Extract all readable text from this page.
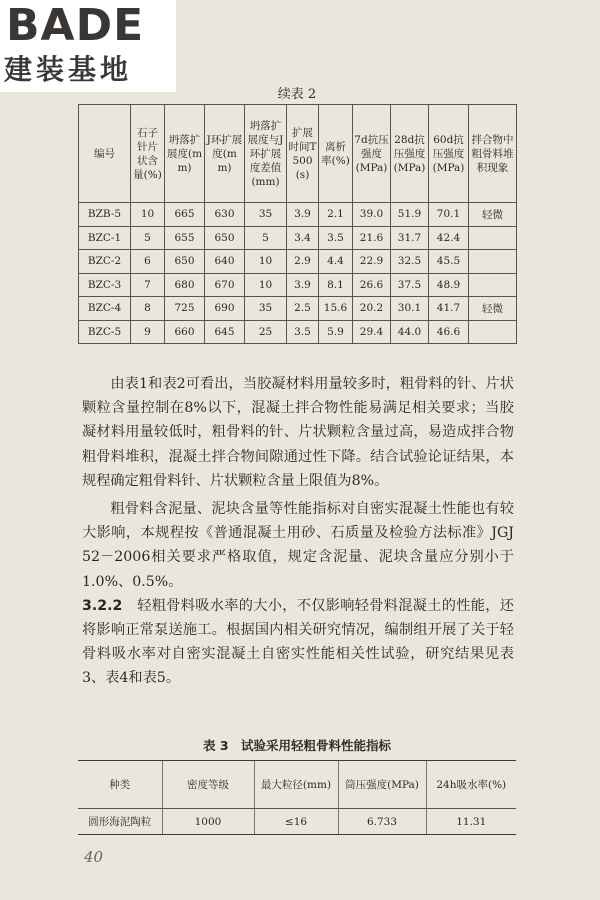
BADE
建装基地
续表 2
编号	石子针片状含量(%)	坍落扩展度(mm)	J环扩展度(mm)	坍落扩展度与J环扩展度差值(mm)	扩展时间T500(s)	离析率(%)	7d抗压强度(MPa)	28d抗压强度(MPa)	60d抗压强度(MPa)	拌合物中粗骨料堆积现象
BZB-5	10	665	630	35	3.9	2.1	39.0	51.9	70.1	轻微
BZC-1	5	655	650	5	3.4	3.5	21.6	31.7	42.4	
BZC-2	6	650	640	10	2.9	4.4	22.9	32.5	45.5	
BZC-3	7	680	670	10	3.9	8.1	26.6	37.5	48.9	
BZC-4	8	725	690	35	2.5	15.6	20.2	30.1	41.7	轻微
BZC-5	9	660	645	25	3.5	5.9	29.4	44.0	46.6	

由表1和表2可看出，当胶凝材料用量较多时，粗骨料的针、片状颗粒含量控制在8%以下，混凝土拌合物性能易满足相关要求；当胶凝材料用量较低时，粗骨料的针、片状颗粒含量过高，易造成拌合物粗骨料堆积，混凝土拌合物间隙通过性下降。结合试验论证结果，本规程确定粗骨料针、片状颗粒含量上限值为8%。

粗骨料含泥量、泥块含量等性能指标对自密实混凝土性能也有较大影响，本规程按《普通混凝土用砂、石质量及检验方法标准》JGJ 52－2006相关要求严格取值，规定含泥量、泥块含量应分别小于1.0%、0.5%。

3.2.2　 轻粗骨料吸水率的大小，不仅影响轻骨料混凝土的性能，还将影响正常泵送施工。根据国内相关研究情况，编制组开展了关于轻骨料吸水率对自密实混凝土自密实性能相关性试验，研究结果见表3、表4和表5。

表 3　试验采用轻粗骨料性能指标
种类	密度等级	最大粒径(mm)	筒压强度(MPa)	24h吸水率(%)
圆形海泥陶粒	1000	≤16	6.733	11.31
40
